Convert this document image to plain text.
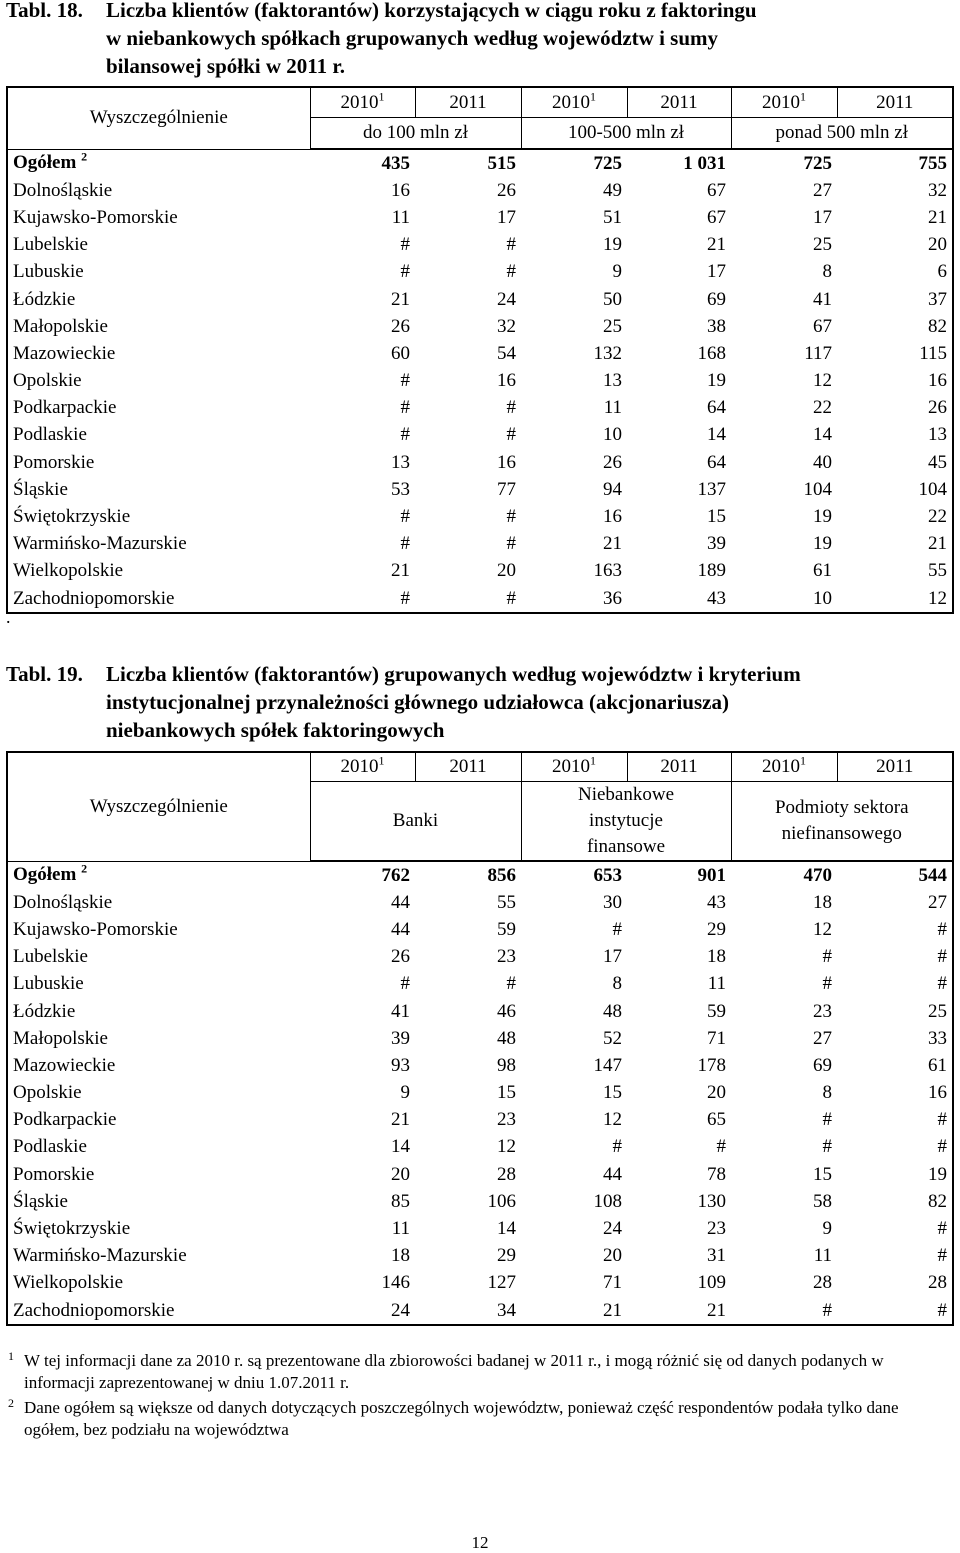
Tabl. 18.	Liczba klientów (faktorantów) korzystających w ciągu roku z faktoringu
w niebankowych spółkach grupowanych według województw i sumy
bilansowej spółki w 2011 r.
Wyszczególnienie	2010$^1$	2011	2010$^1$	2011	2010$^1$	2011
	do 100 mln zł		100-500 mln zł		ponad 500 mln zł	
Ogółem $^2$	435	515	725	1 031	725	755
Dolnośląskie	16	26	49	67	27	32
Kujawsko-Pomorskie	11	17	51	67	17	21
Lubelskie	#	#	19	21	25	20
Lubuskie	#	#	9	17	8	6
Łódzkie	21	24	50	69	41	37
Małopolskie	26	32	25	38	67	82
Mazowieckie	60	54	132	168	117	115
Opolskie	#	16	13	19	12	16
Podkarpackie	#	#	11	64	22	26
Podlaskie	#	#	10	14	14	13
Pomorskie	13	16	26	64	40	45
Śląskie	53	77	94	137	104	104
Świętokrzyskie	#	#	16	15	19	22
Warmińsko-Mazurskie	#	#	21	39	19	21
Wielkopolskie	21	20	163	189	61	55
Zachodniopomorskie	#	#	36	43	10	12
.
Tabl. 19.	Liczba klientów (faktorantów) grupowanych według województw i kryterium
instytucjonalnej przynależności głównego udziałowca (akcjonariusza)
niebankowych spółek faktoringowych
Wyszczególnienie	2010$^1$	2011	2010$^1$	2011	2010$^1$	2011
	Banki		Niebankowe instytucje finansowe		Podmioty sektora niefinansowego	
Ogółem $^2$	762	856	653	901	470	544
Dolnośląskie	44	55	30	43	18	27
Kujawsko-Pomorskie	44	59	#	29	12	#
Lubelskie	26	23	17	18	#	#
Lubuskie	#	#	8	11	#	#
Łódzkie	41	46	48	59	23	25
Małopolskie	39	48	52	71	27	33
Mazowieckie	93	98	147	178	69	61
Opolskie	9	15	15	20	8	16
Podkarpackie	21	23	12	65	#	#
Podlaskie	14	12	#	#	#	#
Pomorskie	20	28	44	78	15	19
Śląskie	85	106	108	130	58	82
Świętokrzyskie	11	14	24	23	9	#
Warmińsko-Mazurskie	18	29	20	31	11	#
Wielkopolskie	146	127	71	109	28	28
Zachodniopomorskie	24	34	21	21	#	#
1 W tej informacji dane za 2010 r. są prezentowane dla zbiorowości badanej w 2011 r., i mogą różnić się od danych podanych w informacji zaprezentowanej w dniu 1.07.2011 r.
2 Dane ogółem są większe od danych dotyczących poszczególnych województw, ponieważ część respondentów podała tylko dane ogółem, bez podziału na województwa
12
